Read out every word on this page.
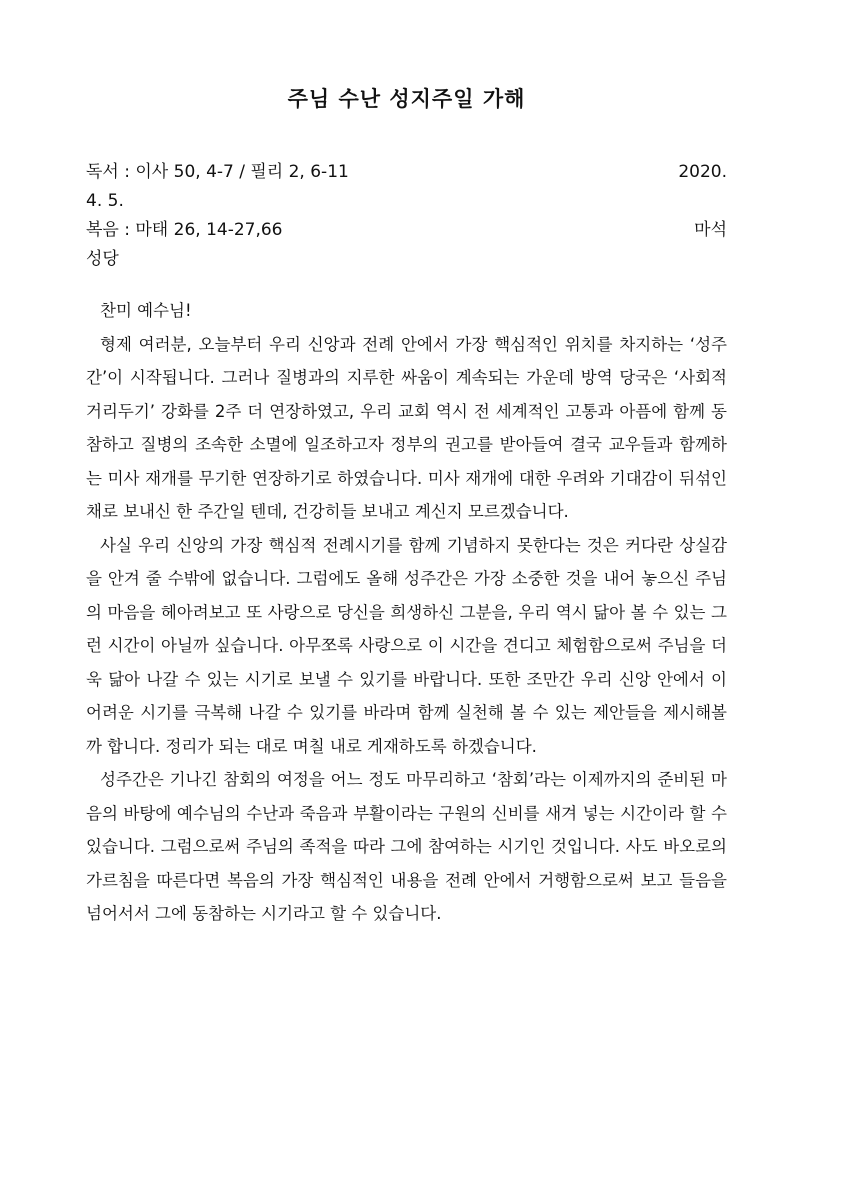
주님 수난 성지주일 가해
독서 : 이사 50, 4-7 / 필리 2, 6-11	2020.
4. 5.
복음 : 마태 26, 14-27,66	마석
성당

찬미 예수님!

형제 여러분, 오늘부터 우리 신앙과 전례 안에서 가장 핵심적인 위치를 차지하는 ‘성주간’이 시작됩니다. 그러나 질병과의 지루한 싸움이 계속되는 가운데 방역 당국은 ‘사회적 거리두기’ 강화를 2주 더 연장하였고, 우리 교회 역시 전 세계적인 고통과 아픔에 함께 동참하고 질병의 조속한 소멸에 일조하고자 정부의 권고를 받아들여 결국 교우들과 함께하는 미사 재개를 무기한 연장하기로 하였습니다. 미사 재개에 대한 우려와 기대감이 뒤섞인 채로 보내신 한 주간일 텐데, 건강히들 보내고 계신지 모르겠습니다.

사실 우리 신앙의 가장 핵심적 전례시기를 함께 기념하지 못한다는 것은 커다란 상실감을 안겨 줄 수밖에 없습니다. 그럼에도 올해 성주간은 가장 소중한 것을 내어 놓으신 주님의 마음을 헤아려보고 또 사랑으로 당신을 희생하신 그분을, 우리 역시 닮아 볼 수 있는 그런 시간이 아닐까 싶습니다. 아무쪼록 사랑으로 이 시간을 견디고 체험함으로써 주님을 더욱 닮아 나갈 수 있는 시기로 보낼 수 있기를 바랍니다. 또한 조만간 우리 신앙 안에서 이 어려운 시기를 극복해 나갈 수 있기를 바라며 함께 실천해 볼 수 있는 제안들을 제시해볼까 합니다. 정리가 되는 대로 며칠 내로 게재하도록 하겠습니다.

성주간은 기나긴 참회의 여정을 어느 정도 마무리하고 ‘참회’라는 이제까지의 준비된 마음의 바탕에 예수님의 수난과 죽음과 부활이라는 구원의 신비를 새겨 넣는 시간이라 할 수 있습니다. 그럼으로써 주님의 족적을 따라 그에 참여하는 시기인 것입니다. 사도 바오로의 가르침을 따른다면 복음의 가장 핵심적인 내용을 전례 안에서 거행함으로써 보고 들음을 넘어서서 그에 동참하는 시기라고 할 수 있습니다.
